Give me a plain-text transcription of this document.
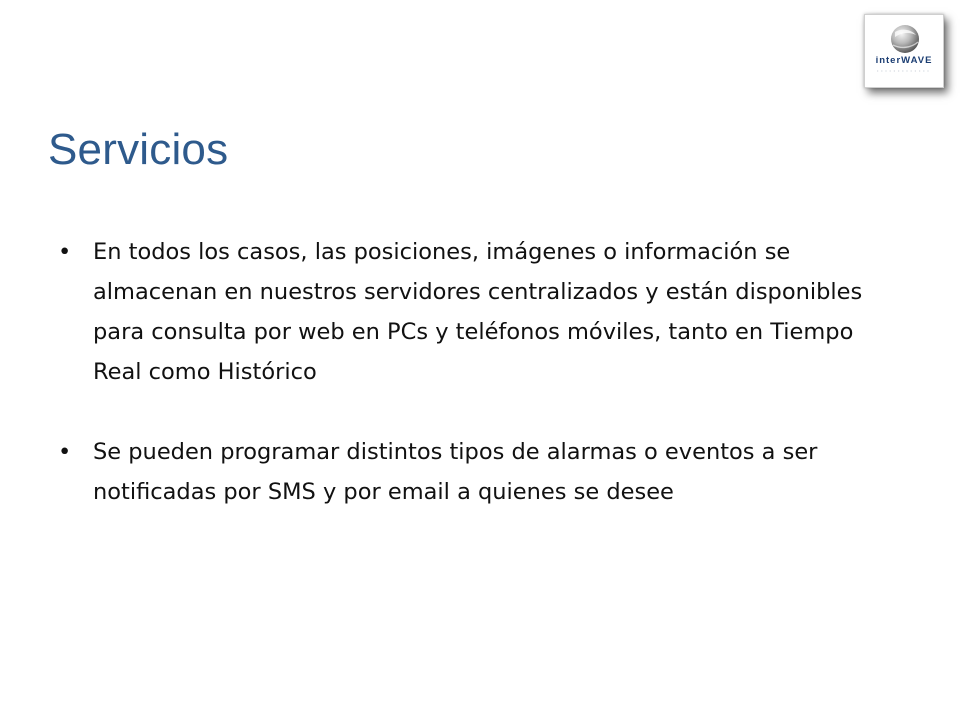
interWAVE
Servicios
• En todos los casos, las posiciones, imágenes o información se almacenan en nuestros servidores centralizados y están disponibles para consulta por web en PCs y teléfonos móviles, tanto en Tiempo Real como Histórico
• Se pueden programar distintos tipos de alarmas o eventos a ser notificadas por SMS y por email a quienes se desee
